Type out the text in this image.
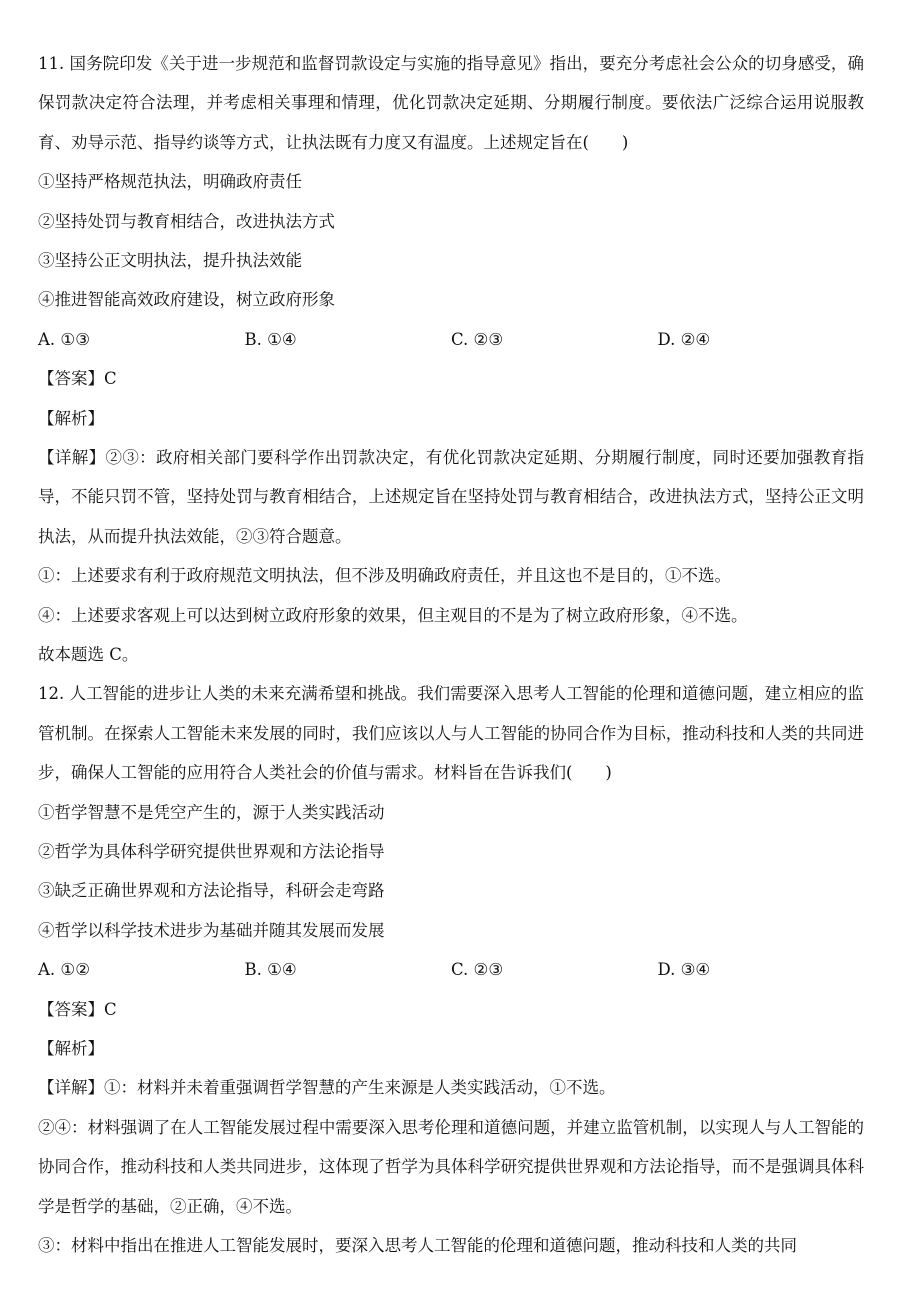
11. 国务院印发《关于进一步规范和监督罚款设定与实施的指导意见》指出，要充分考虑社会公众的切身感受，确保罚款决定符合法理，并考虑相关事理和情理，优化罚款决定延期、分期履行制度。要依法广泛综合运用说服教育、劝导示范、指导约谈等方式，让执法既有力度又有温度。上述规定旨在(　　)
①坚持严格规范执法，明确政府责任
②坚持处罚与教育相结合，改进执法方式
③坚持公正文明执法，提升执法效能
④推进智能高效政府建设，树立政府形象
A. ①③	B. ①④	C. ②③	D. ②④
【答案】C
【解析】
【详解】②③：政府相关部门要科学作出罚款决定，有优化罚款决定延期、分期履行制度，同时还要加强教育指导，不能只罚不管，坚持处罚与教育相结合，上述规定旨在坚持处罚与教育相结合，改进执法方式，坚持公正文明执法，从而提升执法效能，②③符合题意。
①：上述要求有利于政府规范文明执法，但不涉及明确政府责任，并且这也不是目的，①不选。
④：上述要求客观上可以达到树立政府形象的效果，但主观目的不是为了树立政府形象，④不选。
故本题选 C。
12. 人工智能的进步让人类的未来充满希望和挑战。我们需要深入思考人工智能的伦理和道德问题，建立相应的监管机制。在探索人工智能未来发展的同时，我们应该以人与人工智能的协同合作为目标，推动科技和人类的共同进步，确保人工智能的应用符合人类社会的价值与需求。材料旨在告诉我们(　　)
①哲学智慧不是凭空产生的，源于人类实践活动
②哲学为具体科学研究提供世界观和方法论指导
③缺乏正确世界观和方法论指导，科研会走弯路
④哲学以科学技术进步为基础并随其发展而发展
A. ①②	B. ①④	C. ②③	D. ③④
【答案】C
【解析】
【详解】①：材料并未着重强调哲学智慧的产生来源是人类实践活动，①不选。
②④：材料强调了在人工智能发展过程中需要深入思考伦理和道德问题，并建立监管机制，以实现人与人工智能的协同合作，推动科技和人类共同进步，这体现了哲学为具体科学研究提供世界观和方法论指导，而不是强调具体科学是哲学的基础，②正确，④不选。
③：材料中指出在推进人工智能发展时，要深入思考人工智能的伦理和道德问题，推动科技和人类的共同
